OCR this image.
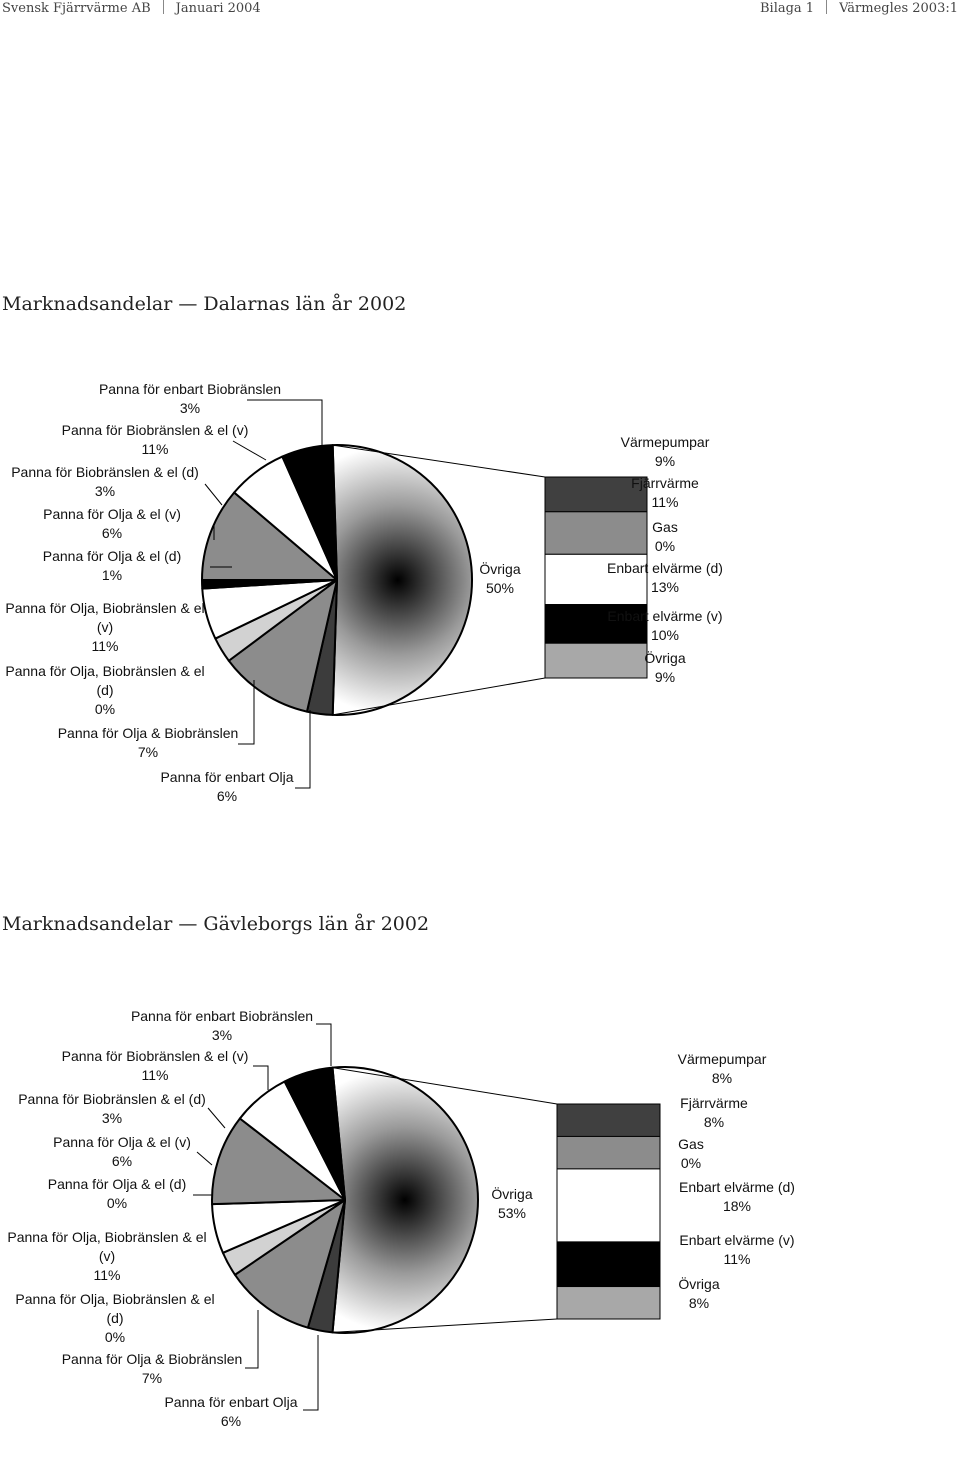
Svensk Fjärrvärme AB Januari 2004	Bilaga 1 Värmegles 2003:1
Marknadsandelar — Dalarnas län år 2002
Panna för enbart Biobränslen
3%
Panna för Biobränslen & el (v)
11%
Panna för Biobränslen & el (d)
3%
Panna för Olja & el (v)
6%
Panna för Olja & el (d)
1%
Panna för Olja, Biobränslen & el (v)
11%
Panna för Olja, Biobränslen & el (d)
0%
Panna för Olja & Biobränslen
7%
Panna för enbart Olja
6%
Övriga
50%
Värmepumpar
9%
Fjärrvärme
11%
Gas
0%
Enbart elvärme (d)
13%
Enbart elvärme (v)
10%
Övriga
9%
Marknadsandelar — Gävleborgs län år 2002
Panna för enbart Biobränslen
3%
Panna för Biobränslen & el (v)
11%
Panna för Biobränslen & el (d)
3%
Panna för Olja & el (v)
6%
Panna för Olja & el (d)
0%
Panna för Olja, Biobränslen & el (v)
11%
Panna för Olja, Biobränslen & el (d)
0%
Panna för Olja & Biobränslen
7%
Panna för enbart Olja
6%
Övriga
53%
Värmepumpar
8%
Fjärrvärme
8%
Gas
0%
Enbart elvärme (d)
18%
Enbart elvärme (v)
11%
Övriga
8%
